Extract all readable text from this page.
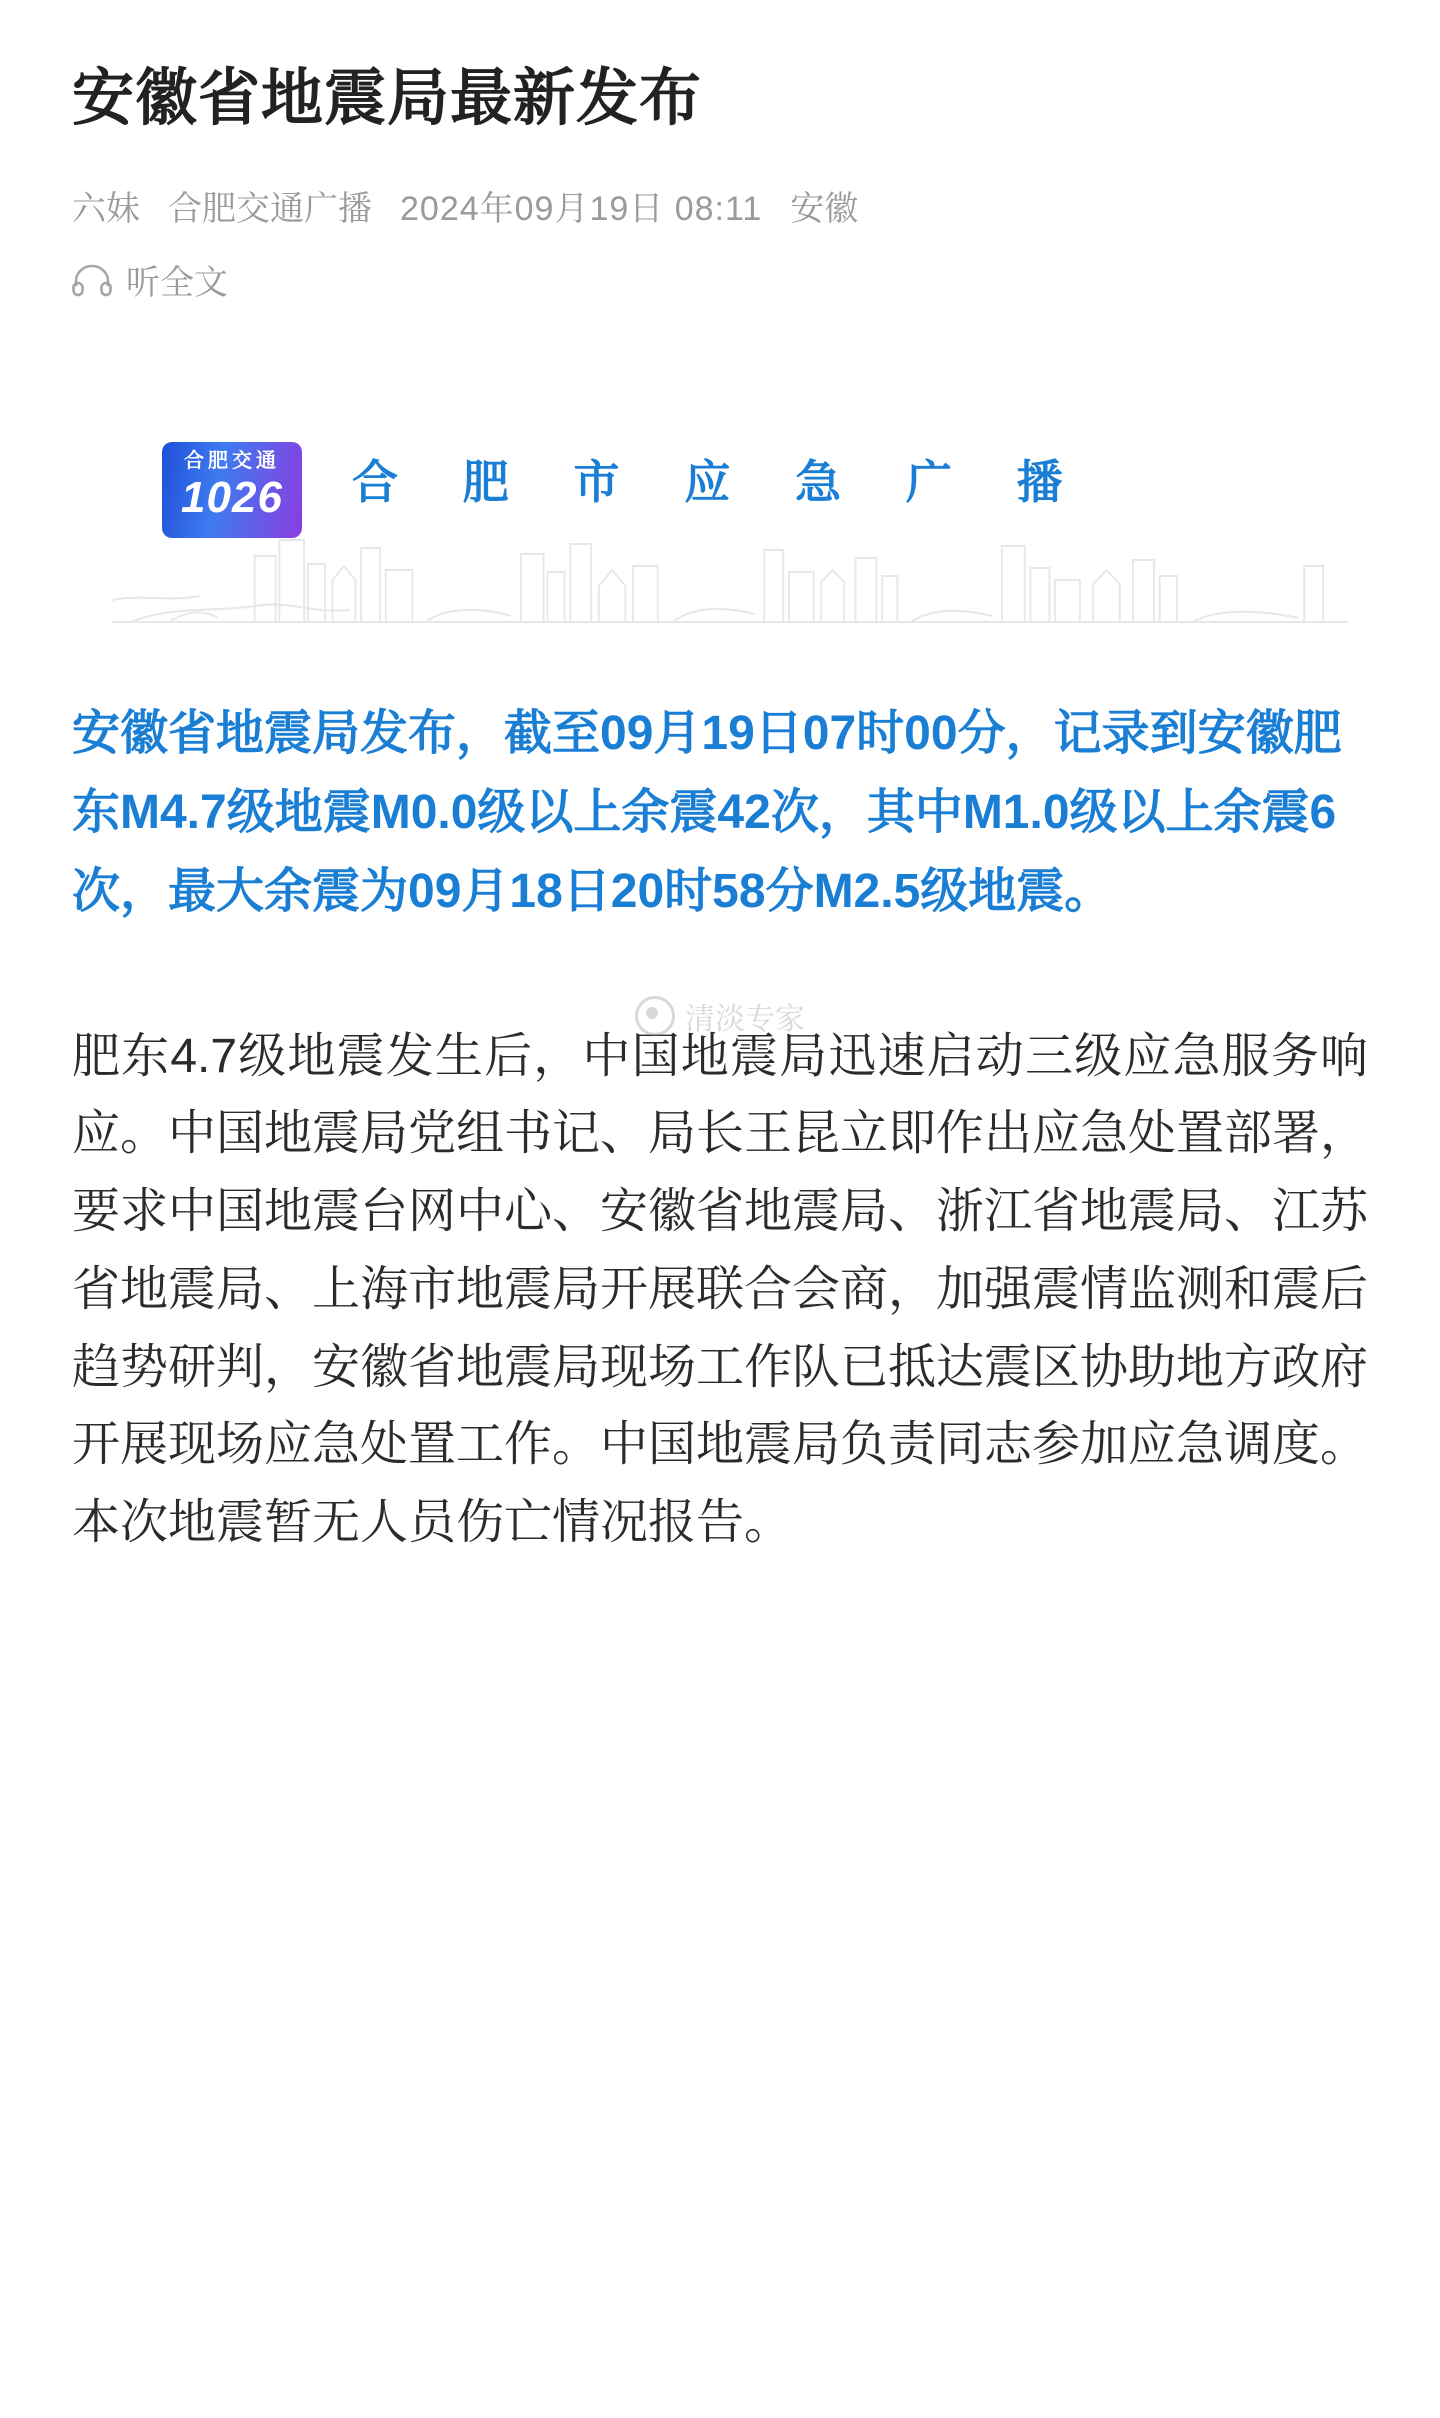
安徽省地震局最新发布
六妹 合肥交通广播 2024年09月19日 08:11 安徽
听全文
合肥交通
1026	合 肥 市 应 急 广 播

安徽省地震局发布，截至09月19日07时00分，记录到安徽肥东M4.7级地震M0.0级以上余震42次，其中M1.0级以上余震6次，最大余震为09月18日20时58分M2.5级地震。

清淡专家

肥东4.7级地震发生后，中国地震局迅速启动三级应急服务响应。中国地震局党组书记、局长王昆立即作出应急处置部署，要求中国地震台网中心、安徽省地震局、浙江省地震局、江苏省地震局、上海市地震局开展联合会商，加强震情监测和震后趋势研判，安徽省地震局现场工作队已抵达震区协助地方政府开展现场应急处置工作。中国地震局负责同志参加应急调度。本次地震暂无人员伤亡情况报告。
